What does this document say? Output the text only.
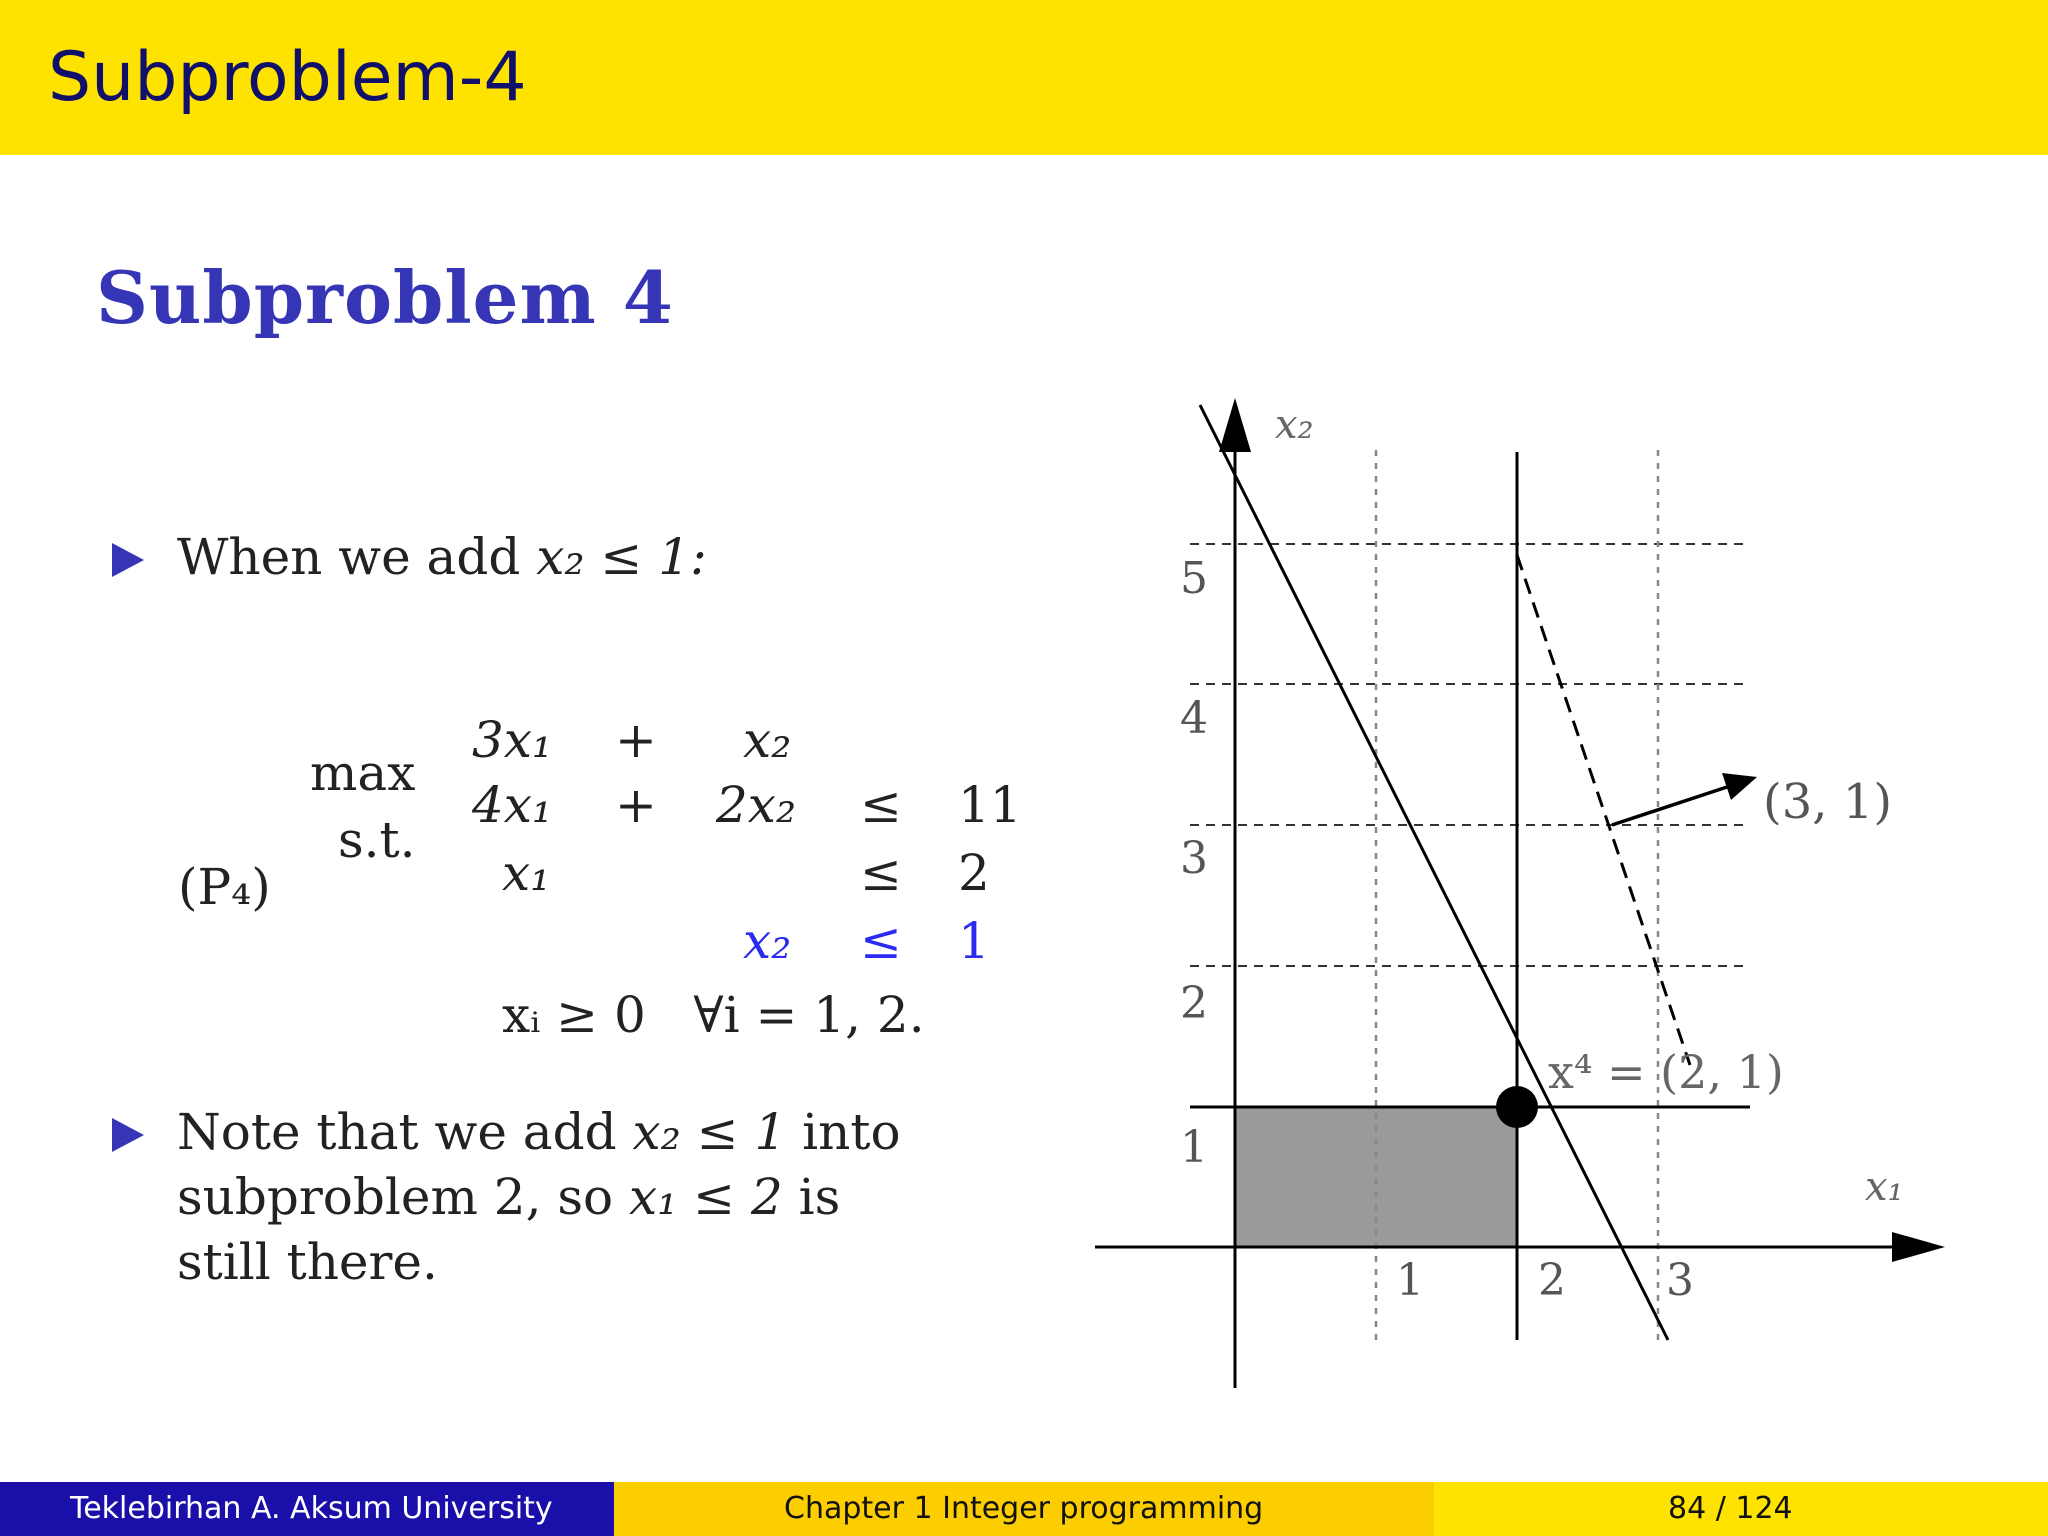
Subproblem-4
Subproblem 4
When we add x₂ ≤ 1:
(P₄)
max
s.t.
3x₁ + x₂
4x₁ + 2x₂ ≤ 11
x₁	≤ 2
x₂ ≤ 1
xᵢ ≥ 0   ∀i = 1, 2.
Note that we add x₂ ≤ 1 into
subproblem 2, so x₁ ≤ 2 is
still there.
x₂
x₁
5
4
3
2
1
1	2 3
(3, 1)
x⁴ = (2, 1)
Teklebirhan A. Aksum University	Chapter 1 Integer programming	84 / 124
